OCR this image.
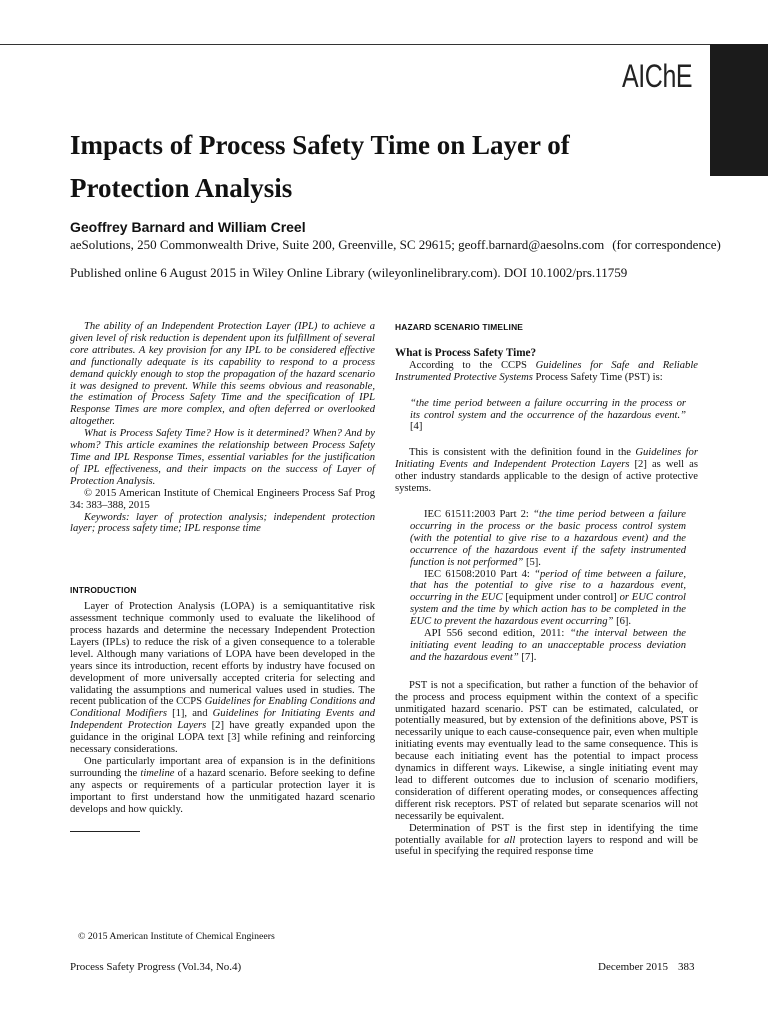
AIChE
Impacts of Process Safety Time on Layer of Protection Analysis
Geoffrey Barnard and William Creel
aeSolutions, 250 Commonwealth Drive, Suite 200, Greenville, SC 29615; geoff.barnard@aesolns.com (for correspondence)
Published online 6 August 2015 in Wiley Online Library (wileyonlinelibrary.com). DOI 10.1002/prs.11759

The ability of an Independent Protection Layer (IPL) to achieve a given level of risk reduction is dependent upon its fulfillment of several core attributes. A key provision for any IPL to be considered effective and functionally adequate is its capability to respond to a process demand quickly enough to stop the propagation of the hazard scenario it was designed to prevent. While this seems obvious and reasonable, the estimation of Process Safety Time and the specification of IPL Response Times are more complex, and often deferred or overlooked altogether.

What is Process Safety Time? How is it determined? When? And by whom? This article examines the relationship between Process Safety Time and IPL Response Times, essential variables for the justification of IPL effectiveness, and their impacts on the success of Layer of Protection Analysis.

© 2015 American Institute of Chemical Engineers Process Saf Prog 34: 383–388, 2015

Keywords: layer of protection analysis; independent protection layer; process safety time; IPL response time

INTRODUCTION

Layer of Protection Analysis (LOPA) is a semiquantitative risk assessment technique commonly used to evaluate the likelihood of process hazards and determine the necessary Independent Protection Layers (IPLs) to reduce the risk of a given consequence to a tolerable level. Although many variations of LOPA have been developed in the years since its introduction, recent efforts by industry have focused on development of more universally accepted criteria for selecting and validating the assumptions and numerical values used in studies. The recent publication of the CCPS Guidelines for Enabling Conditions and Conditional Modifiers [1], and Guidelines for Initiating Events and Independent Protection Layers [2] have greatly expanded upon the guidance in the original LOPA text [3] while refining and reinforcing necessary considerations.

One particularly important area of expansion is in the definitions surrounding the timeline of a hazard scenario. Before seeking to define any aspects or requirements of a particular protection layer it is important to first understand how the unmitigated hazard scenario develops and how quickly.

© 2015 American Institute of Chemical Engineers

HAZARD SCENARIO TIMELINE

What is Process Safety Time?

According to the CCPS Guidelines for Safe and Reliable Instrumented Protective Systems Process Safety Time (PST) is:

“the time period between a failure occurring in the process or its control system and the occurrence of the hazardous event.” [4]

This is consistent with the definition found in the Guidelines for Initiating Events and Independent Protection Layers [2] as well as other industry standards applicable to the design of active protective systems.

IEC 61511:2003 Part 2: “the time period between a failure occurring in the process or the basic process control system (with the potential to give rise to a hazardous event) and the occurrence of the hazardous event if the safety instrumented function is not performed” [5].

IEC 61508:2010 Part 4: “period of time between a failure, that has the potential to give rise to a hazardous event, occurring in the EUC [equipment under control] or EUC control system and the time by which action has to be completed in the EUC to prevent the hazardous event occurring” [6].

API 556 second edition, 2011: “the interval between the initiating event leading to an unacceptable process deviation and the hazardous event” [7].

PST is not a specification, but rather a function of the behavior of the process and process equipment within the context of a specific unmitigated hazard scenario. PST can be estimated, calculated, or potentially measured, but by extension of the definitions above, PST is necessarily unique to each cause-consequence pair, even when multiple initiating events may eventually lead to the same consequence. This is because each initiating event has the potential to impact process dynamics in different ways. Likewise, a single initiating event may lead to different outcomes due to inclusion of scenario modifiers, consideration of different operating modes, or consequences affecting different risk receptors. PST of related but separate scenarios will not necessarily be equivalent.

Determination of PST is the first step in identifying the time potentially available for all protection layers to respond and will be useful in specifying the required response time

Process Safety Progress (Vol.34, No.4)	December 2015 383
